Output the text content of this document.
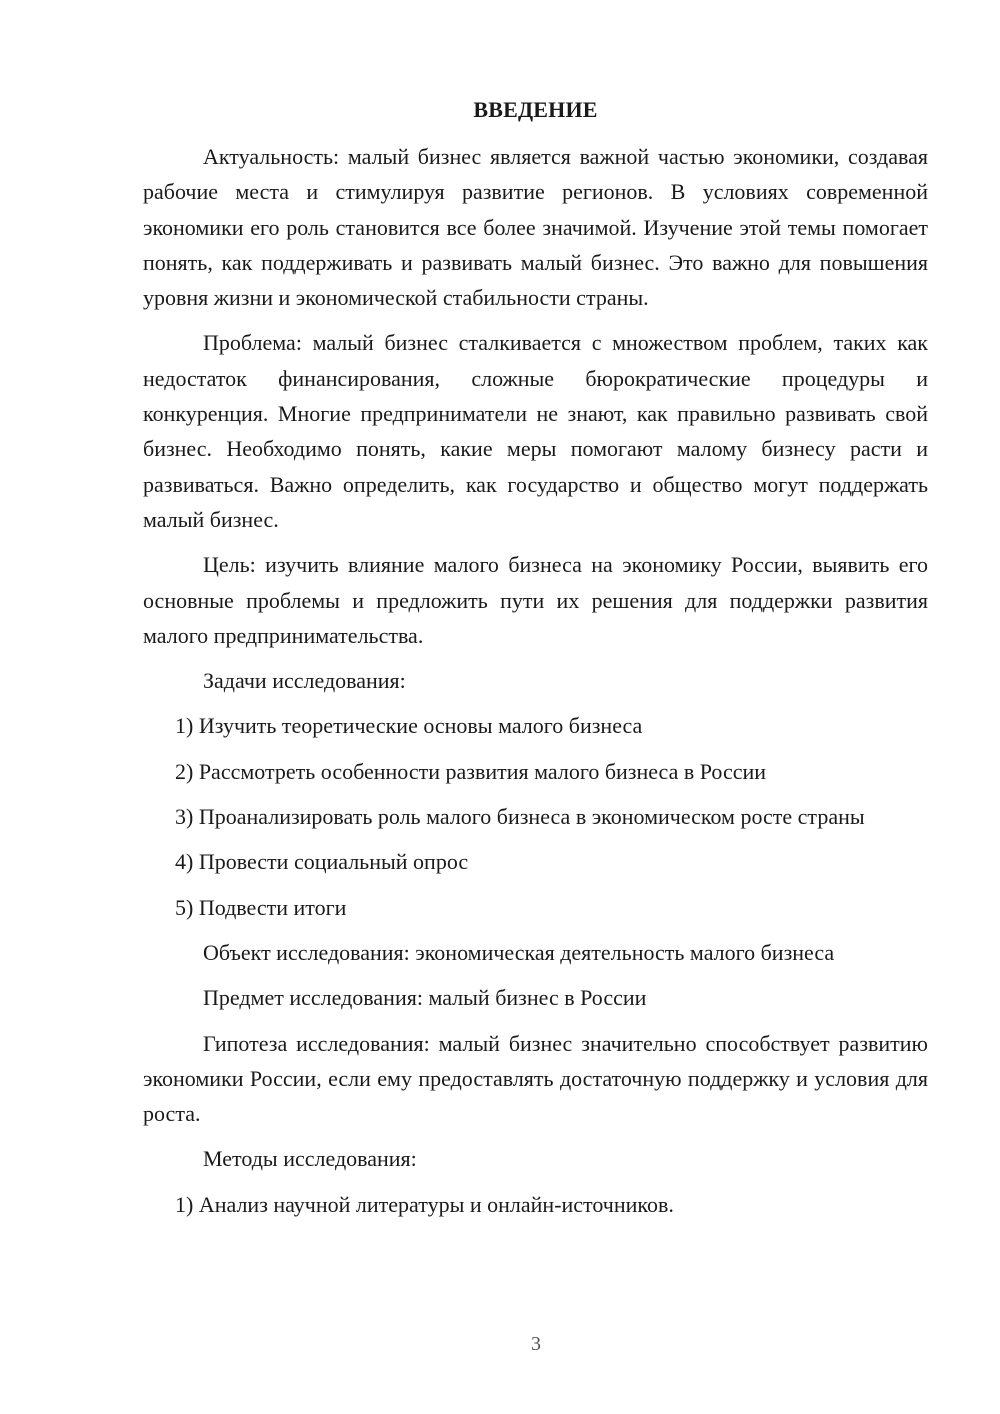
ВВЕДЕНИЕ

Актуальность: малый бизнес является важной частью экономики, создавая рабочие места и стимулируя развитие регионов. В условиях современной экономики его роль становится все более значимой. Изучение этой темы помогает понять, как поддерживать и развивать малый бизнес. Это важно для повышения уровня жизни и экономической стабильности страны.

Проблема: малый бизнес сталкивается с множеством проблем, таких как недостаток финансирования, сложные бюрократические процедуры и конкуренция. Многие предприниматели не знают, как правильно развивать свой бизнес. Необходимо понять, какие меры помогают малому бизнесу расти и развиваться. Важно определить, как государство и общество могут поддержать малый бизнес.

Цель: изучить влияние малого бизнеса на экономику России, выявить его основные проблемы и предложить пути их решения для поддержки развития малого предпринимательства.

Задачи исследования:

1) Изучить теоретические основы малого бизнеса

2) Рассмотреть особенности развития малого бизнеса в России

3) Проанализировать роль малого бизнеса в экономическом росте страны

4) Провести социальный опрос

5) Подвести итоги

Объект исследования: экономическая деятельность малого бизнеса

Предмет исследования: малый бизнес в России

Гипотеза исследования: малый бизнес значительно способствует развитию экономики России, если ему предоставлять достаточную поддержку и условия для роста.

Методы исследования:

1) Анализ научной литературы и онлайн-источников.

3
